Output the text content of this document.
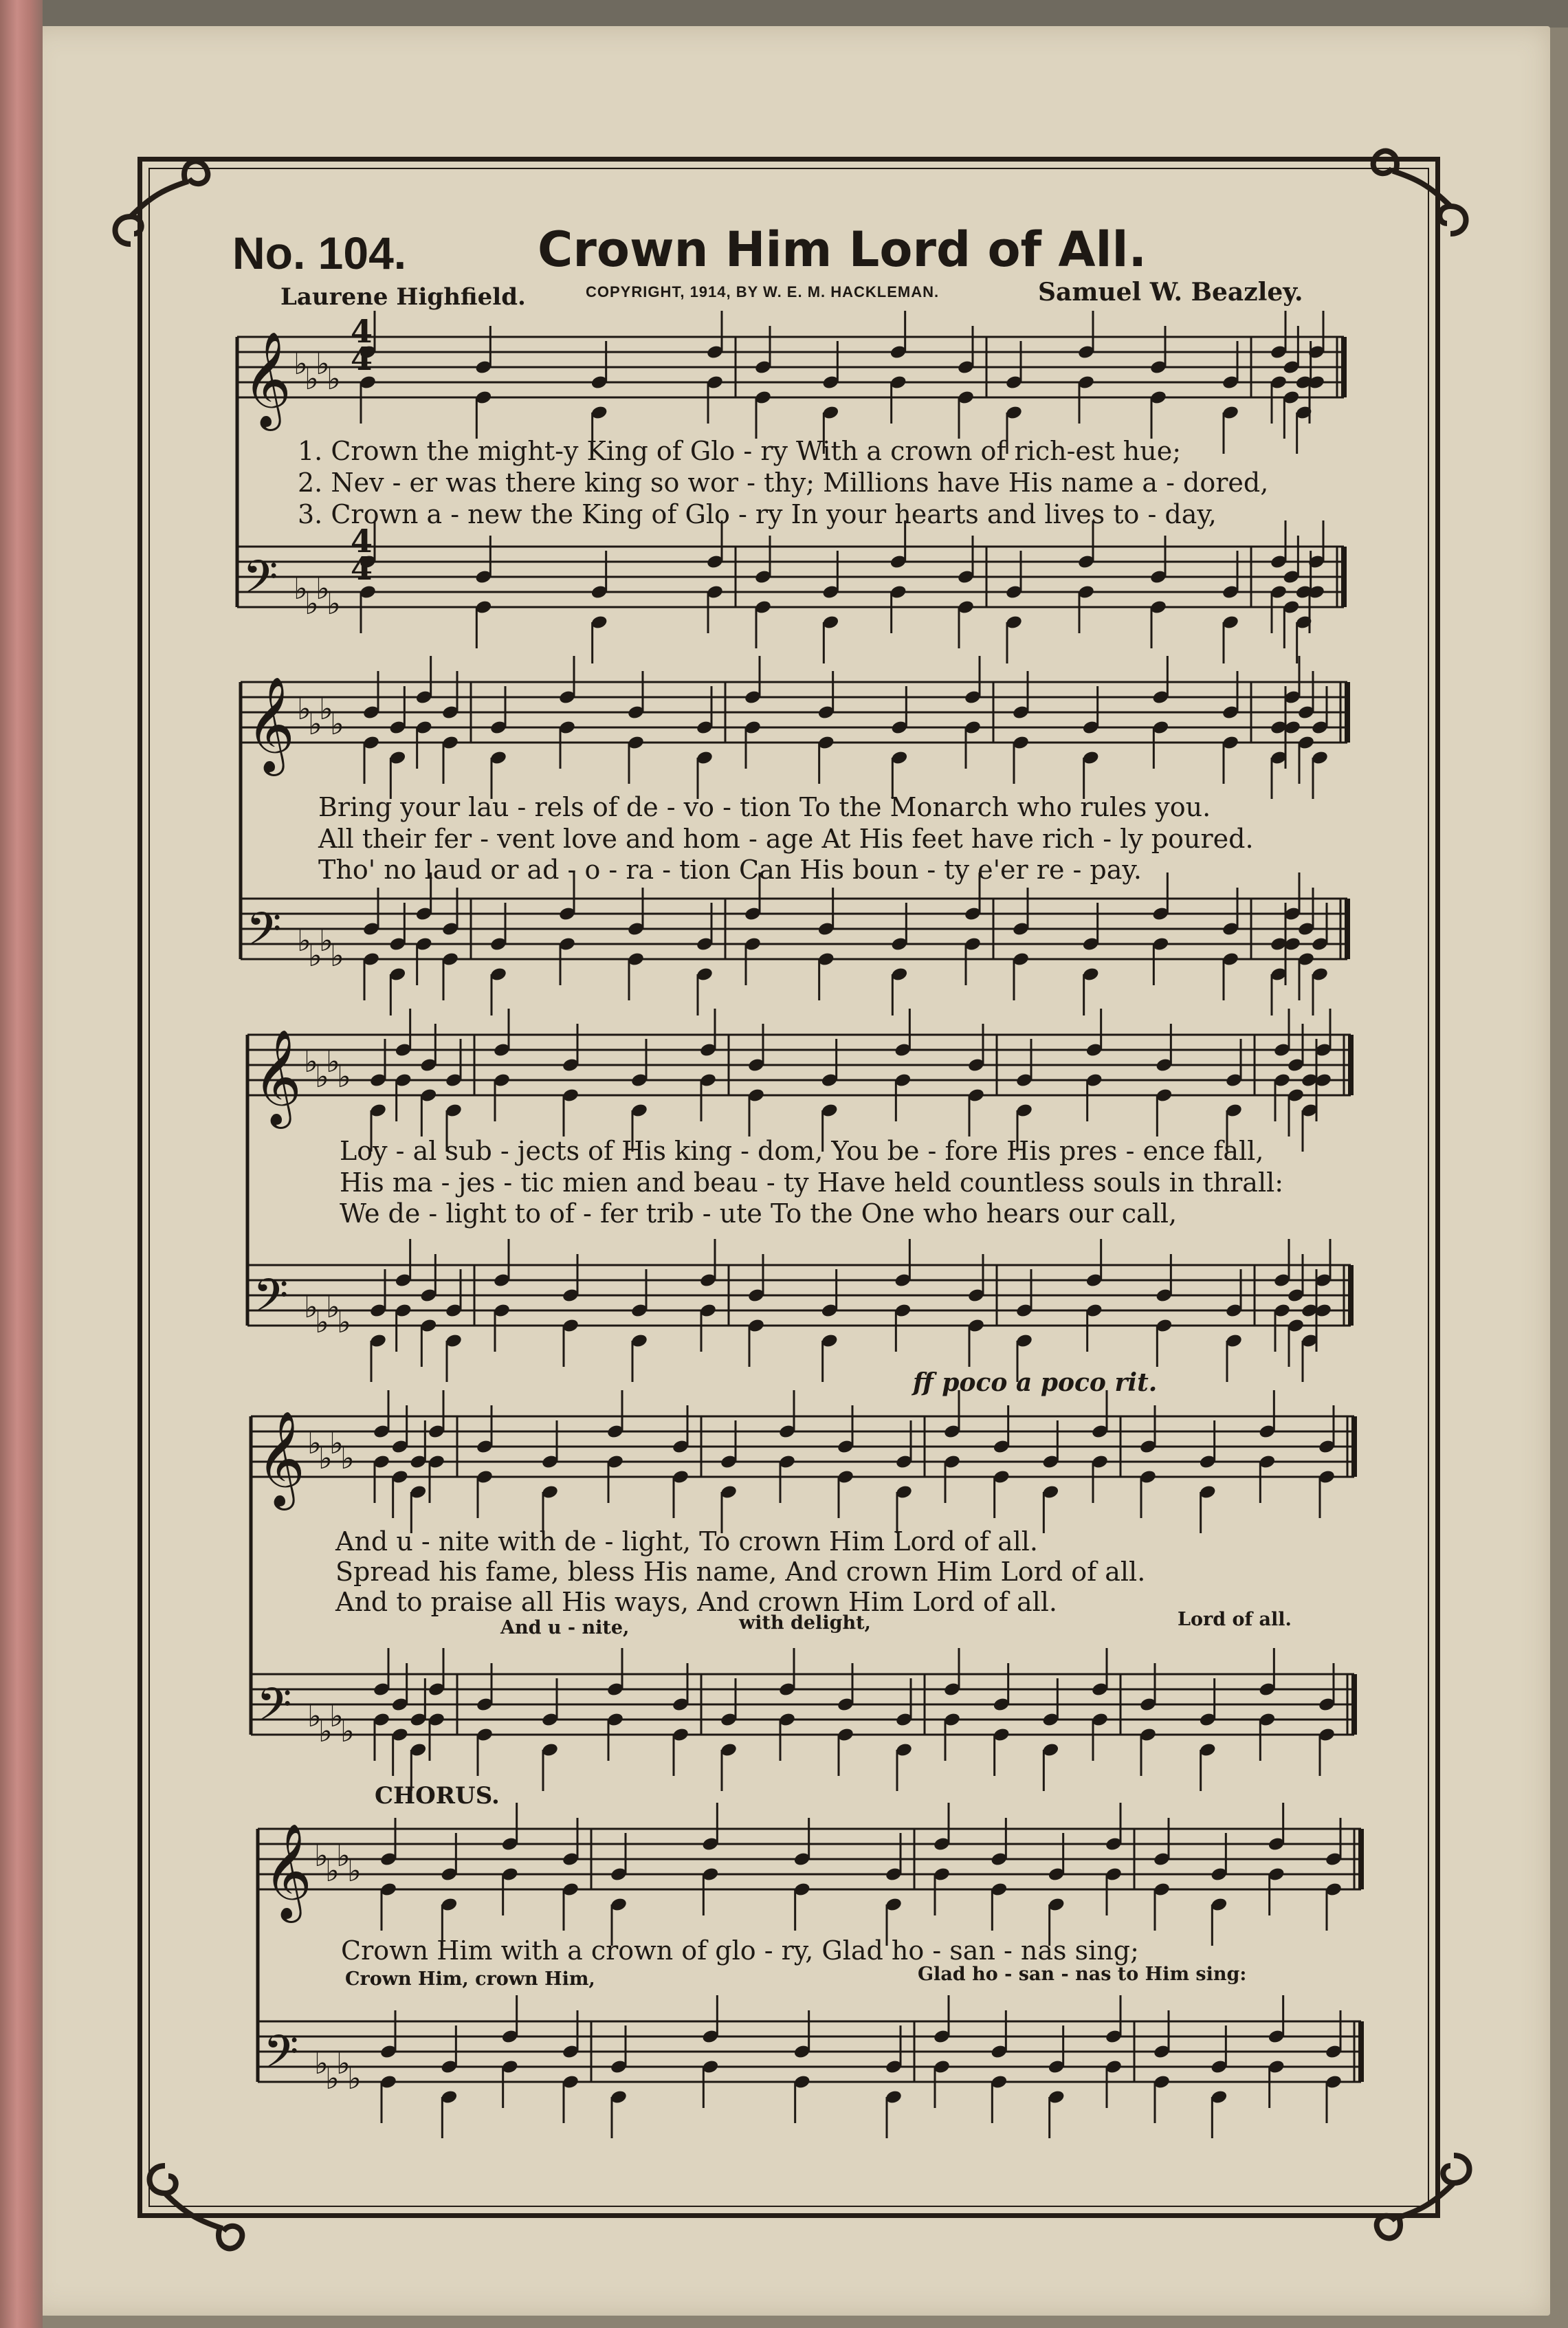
No. 104.	Crown Him Lord of All.
Laurene Highfield.	COPYRIGHT, 1914, BY W. E. M. HACKLEMAN.	Samuel W. Beazley.
𝄞 ♭
♭
♭
♭
𝄢 ♭
♭
♭
♭
𝄞 ♭
♭
♭
♭
𝄢 ♭
♭
♭
♭
𝄞 ♭
♭
♭
♭
𝄢 ♭
♭
♭
♭
𝄞 ♭
♭
♭
♭
𝄢 ♭
♭
♭
♭
𝄞 ♭
♭
♭
♭
𝄢 ♭
♭
♭
♭
4
4
4
4
1. Crown the might-y King of Glo - ry With a crown of rich-est hue;
2. Nev - er was there king so wor - thy; Millions have His name a - dored,
3. Crown a - new the King of Glo - ry In your hearts and lives to - day,
Bring your lau - rels of de - vo - tion To the Monarch who rules you.
All their fer - vent love and hom - age At His feet have rich - ly poured.
Tho' no laud or ad - o - ra - tion Can His boun - ty e'er re - pay.
Loy - al sub - jects of His king - dom, You be - fore His pres - ence fall,
His ma - jes - tic mien and beau - ty Have held countless souls in thrall:
We de - light to of - fer trib - ute To the One who hears our call,
ff poco a poco rit.
And u - nite with de - light, To crown Him Lord of all.
Spread his fame, bless His name, And crown Him Lord of all.
And to praise all His ways, And crown Him Lord of all.
And u - nite,	with delight,	Lord of all.
CHORUS.
Crown Him with a crown of glo - ry, Glad ho - san - nas sing;
Crown Him, crown Him,	Glad ho - san - nas to Him sing:
